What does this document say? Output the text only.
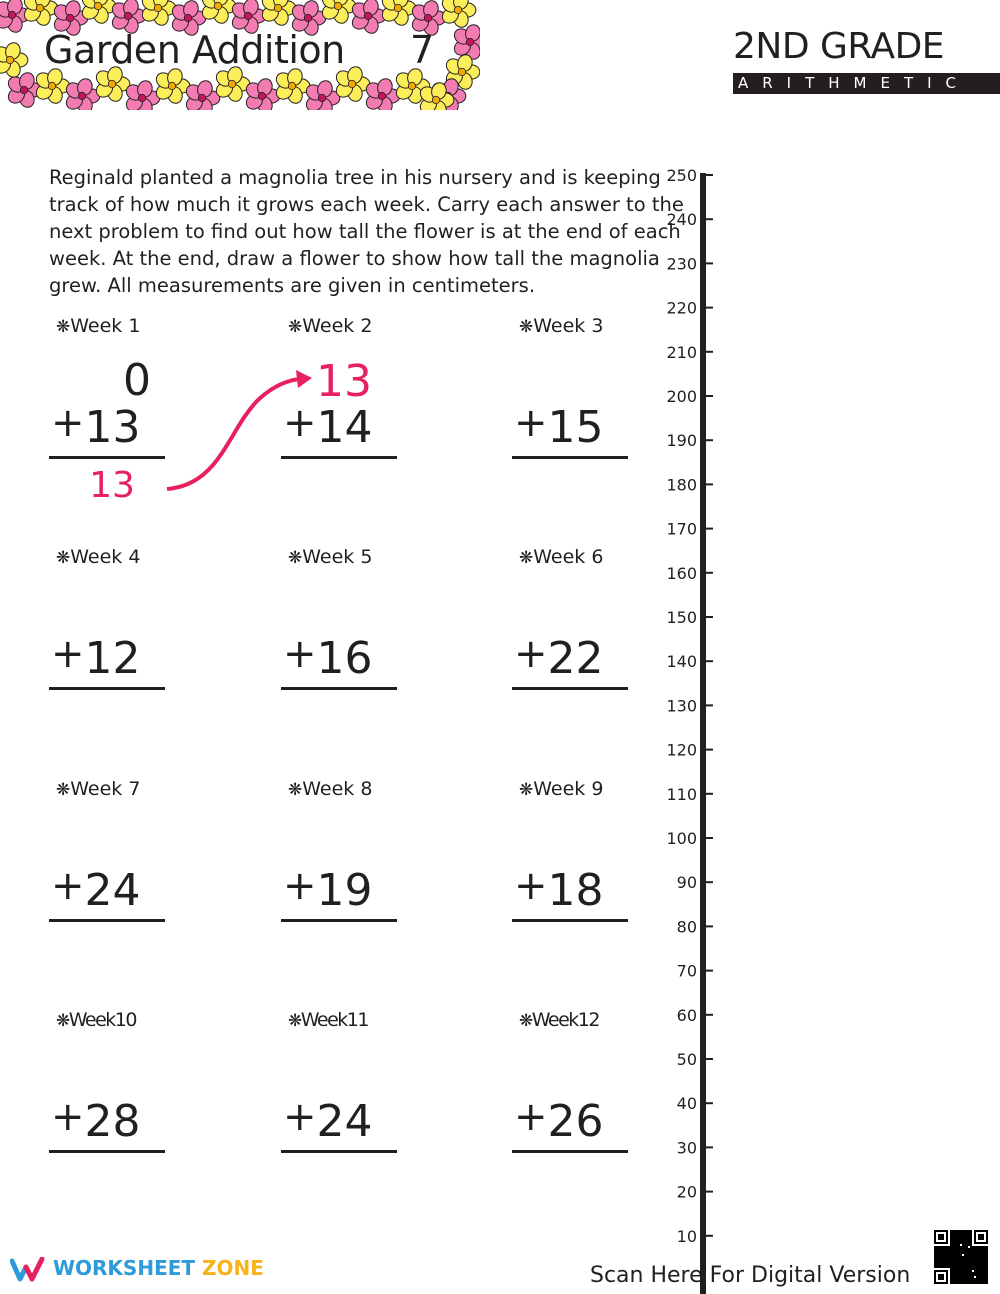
Garden Addition 7	2ND GRADE
ARITHMETIC
Reginald planted a magnolia tree in his nursery and is keeping track of how much it grows each week. Carry each answer to the next problem to find out how tall the flower is at the end of each week. At the end, draw a flower to show how tall the magnolia grew. All measurements are given in centimeters.
❋Week 1
0
+13
13
❋Week 2
13
+14
❋Week 3
+15
❋Week 4
+12
❋Week 5
+16
❋Week 6
+22
❋Week 7
+24
❋Week 8
+19
❋Week 9
+18
❋Week10
+28
❋Week11
+24
❋Week12
+26
250
240
230
220
210
200
190
180
170
160
150
140
130
120
110
100
90
80
70
60
50
40
30
20
10
WORKSHEET ZONE	Scan Here For Digital Version
